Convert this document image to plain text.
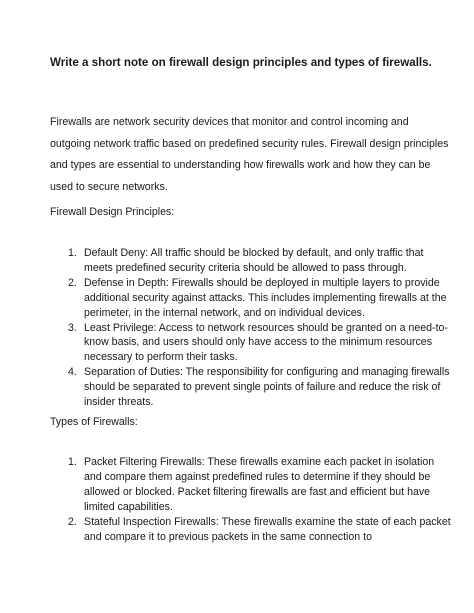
Write a short note on firewall design principles and types of firewalls.
Firewalls are network security devices that monitor and control incoming and outgoing network traffic based on predefined security rules. Firewall design principles and types are essential to understanding how firewalls work and how they can be used to secure networks.
Firewall Design Principles:
1. Default Deny: All traffic should be blocked by default, and only traffic that meets predefined security criteria should be allowed to pass through.
2. Defense in Depth: Firewalls should be deployed in multiple layers to provide additional security against attacks. This includes implementing firewalls at the perimeter, in the internal network, and on individual devices.
3. Least Privilege: Access to network resources should be granted on a need-to-know basis, and users should only have access to the minimum resources necessary to perform their tasks.
4. Separation of Duties: The responsibility for configuring and managing firewalls should be separated to prevent single points of failure and reduce the risk of insider threats.
Types of Firewalls:
1. Packet Filtering Firewalls: These firewalls examine each packet in isolation and compare them against predefined rules to determine if they should be allowed or blocked. Packet filtering firewalls are fast and efficient but have limited capabilities.
2. Stateful Inspection Firewalls: These firewalls examine the state of each packet and compare it to previous packets in the same connection to
